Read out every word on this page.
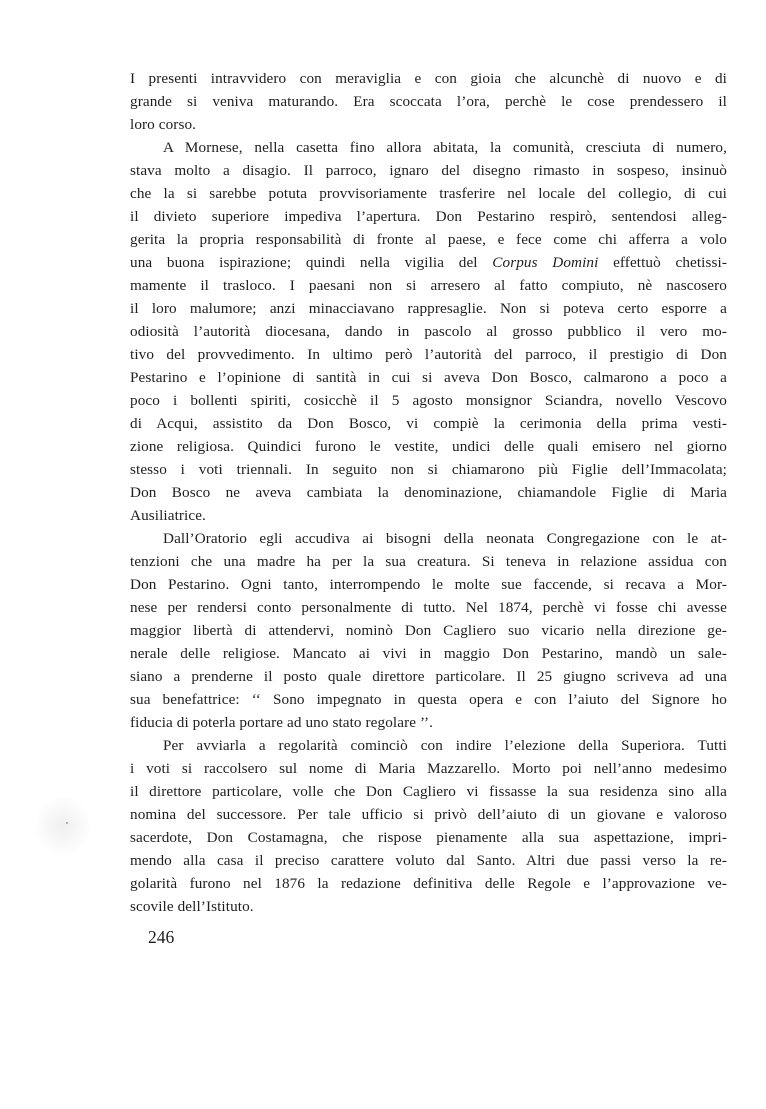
I presenti intravvidero con meraviglia e con gioia che alcunchè di nuovo e di
grande si veniva maturando. Era scoccata l’ora, perchè le cose prendessero il
loro corso.
A Mornese, nella casetta fino allora abitata, la comunità, cresciuta di numero,
stava molto a disagio. Il parroco, ignaro del disegno rimasto in sospeso, insinuò
che la si sarebbe potuta provvisoriamente trasferire nel locale del collegio, di cui
il divieto superiore impediva l’apertura. Don Pestarino respirò, sentendosi alleg-
gerita la propria responsabilità di fronte al paese, e fece come chi afferra a volo
una buona ispirazione; quindi nella vigilia del Corpus Domini effettuò chetissi-
mamente il trasloco. I paesani non si arresero al fatto compiuto, nè nascosero
il loro malumore; anzi minacciavano rappresaglie. Non si poteva certo esporre a
odiosità l’autorità diocesana, dando in pascolo al grosso pubblico il vero mo-
tivo del provvedimento. In ultimo però l’autorità del parroco, il prestigio di Don
Pestarino e l’opinione di santità in cui si aveva Don Bosco, calmarono a poco a
poco i bollenti spiriti, cosicchè il 5 agosto monsignor Sciandra, novello Vescovo
di Acqui, assistito da Don Bosco, vi compiè la cerimonia della prima vesti-
zione religiosa. Quindici furono le vestite, undici delle quali emisero nel giorno
stesso i voti triennali. In seguito non si chiamarono più Figlie dell’Immacolata;
Don Bosco ne aveva cambiata la denominazione, chiamandole Figlie di Maria
Ausiliatrice.
Dall’Oratorio egli accudiva ai bisogni della neonata Congregazione con le at-
tenzioni che una madre ha per la sua creatura. Si teneva in relazione assidua con
Don Pestarino. Ogni tanto, interrompendo le molte sue faccende, si recava a Mor-
nese per rendersi conto personalmente di tutto. Nel 1874, perchè vi fosse chi avesse
maggior libertà di attendervi, nominò Don Cagliero suo vicario nella direzione ge-
nerale delle religiose. Mancato ai vivi in maggio Don Pestarino, mandò un sale-
siano a prenderne il posto quale direttore particolare. Il 25 giugno scriveva ad una
sua benefattrice: ‘‘ Sono impegnato in questa opera e con l’aiuto del Signore ho
fiducia di poterla portare ad uno stato regolare ’’.
Per avviarla a regolarità cominciò con indire l’elezione della Superiora. Tutti
i voti si raccolsero sul nome di Maria Mazzarello. Morto poi nell’anno medesimo
il direttore particolare, volle che Don Cagliero vi fissasse la sua residenza sino alla
nomina del successore. Per tale ufficio si privò dell’aiuto di un giovane e valoroso
sacerdote, Don Costamagna, che rispose pienamente alla sua aspettazione, impri-
mendo alla casa il preciso carattere voluto dal Santo. Altri due passi verso la re-
golarità furono nel 1876 la redazione definitiva delle Regole e l’approvazione ve-
scovile dell’Istituto.
246
